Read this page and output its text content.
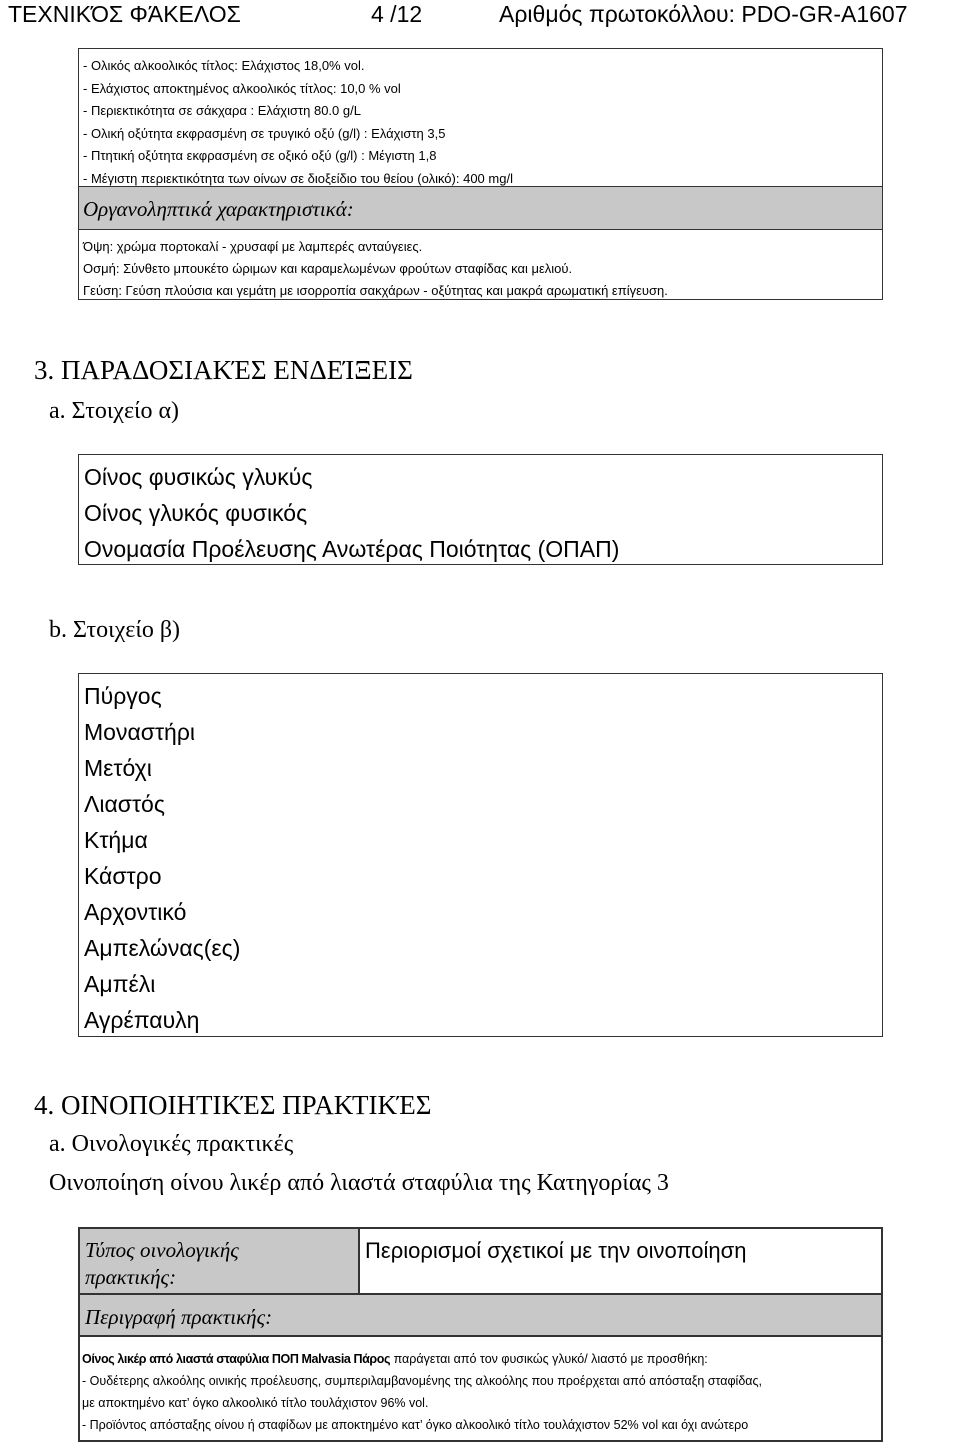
ΤΕΧΝΙΚΌΣ ΦΆΚΕΛΟΣ	4 /12	Αριθμός πρωτοκόλλου: PDO-GR-A1607
- Ολικός αλκοολικός τίτλος: Ελάχιστος 18,0% vol.
- Ελάχιστος αποκτημένος αλκοολικός τίτλος: 10,0 % vol
- Περιεκτικότητα σε σάκχαρα : Ελάχιστη 80.0 g/L
- Ολική οξύτητα εκφρασμένη σε τρυγικό οξύ (g/l) : Ελάχιστη 3,5
- Πτητική οξύτητα εκφρασμένη σε οξικό οξύ (g/l) : Μέγιστη 1,8
- Μέγιστη περιεκτικότητα των οίνων σε διοξείδιο του θείου (ολικό): 400 mg/l
Οργανοληπτικά χαρακτηριστικά:
Όψη: χρώμα πορτοκαλί - χρυσαφί με λαμπερές ανταύγειες.
Οσμή: Σύνθετο μπουκέτο ώριμων και καραμελωμένων φρούτων σταφίδας και μελιού.
Γεύση: Γεύση πλούσια και γεμάτη με ισορροπία σακχάρων - οξύτητας και μακρά αρωματική επίγευση.
3. ΠΑΡΑΔΟΣΙΑΚΈΣ ΕΝΔΕΊΞΕΙΣ
a. Στοιχείο α)
Οίνος φυσικώς γλυκύς
Οίνος γλυκός φυσικός
Ονομασία Προέλευσης Ανωτέρας Ποιότητας (ΟΠΑΠ)
b. Στοιχείο β)
Πύργος
Μοναστήρι
Μετόχι
Λιαστός
Κτήμα
Κάστρο
Αρχοντικό
Αμπελώνας(ες)
Αμπέλι
Αγρέπαυλη
4. ΟΙΝΟΠΟΙΗΤΙΚΈΣ ΠΡΑΚΤΙΚΈΣ
a. Οινολογικές πρακτικές
Οινοποίηση οίνου λικέρ από λιαστά σταφύλια της Κατηγορίας 3
Τύπος οινολογικής
πρακτικής:
Περιορισμοί σχετικοί με την οινοποίηση
Περιγραφή πρακτικής:
Οίνος λικέρ από λιαστά σταφύλια ΠΟΠ Malvasia Πάρος παράγεται από τον φυσικώς γλυκό/ λιαστό με προσθήκη:
- Ουδέτερης αλκοόλης οινικής προέλευσης, συμπεριλαμβανομένης της αλκοόλης που προέρχεται από απόσταξη σταφίδας,
με αποκτημένο κατ’ όγκο αλκοολικό τίτλο τουλάχιστον 96% vol.
- Προϊόντος απόσταξης οίνου ή σταφίδων με αποκτημένο κατ’ όγκο αλκοολικό τίτλο τουλάχιστον 52% vol και όχι ανώτερο
